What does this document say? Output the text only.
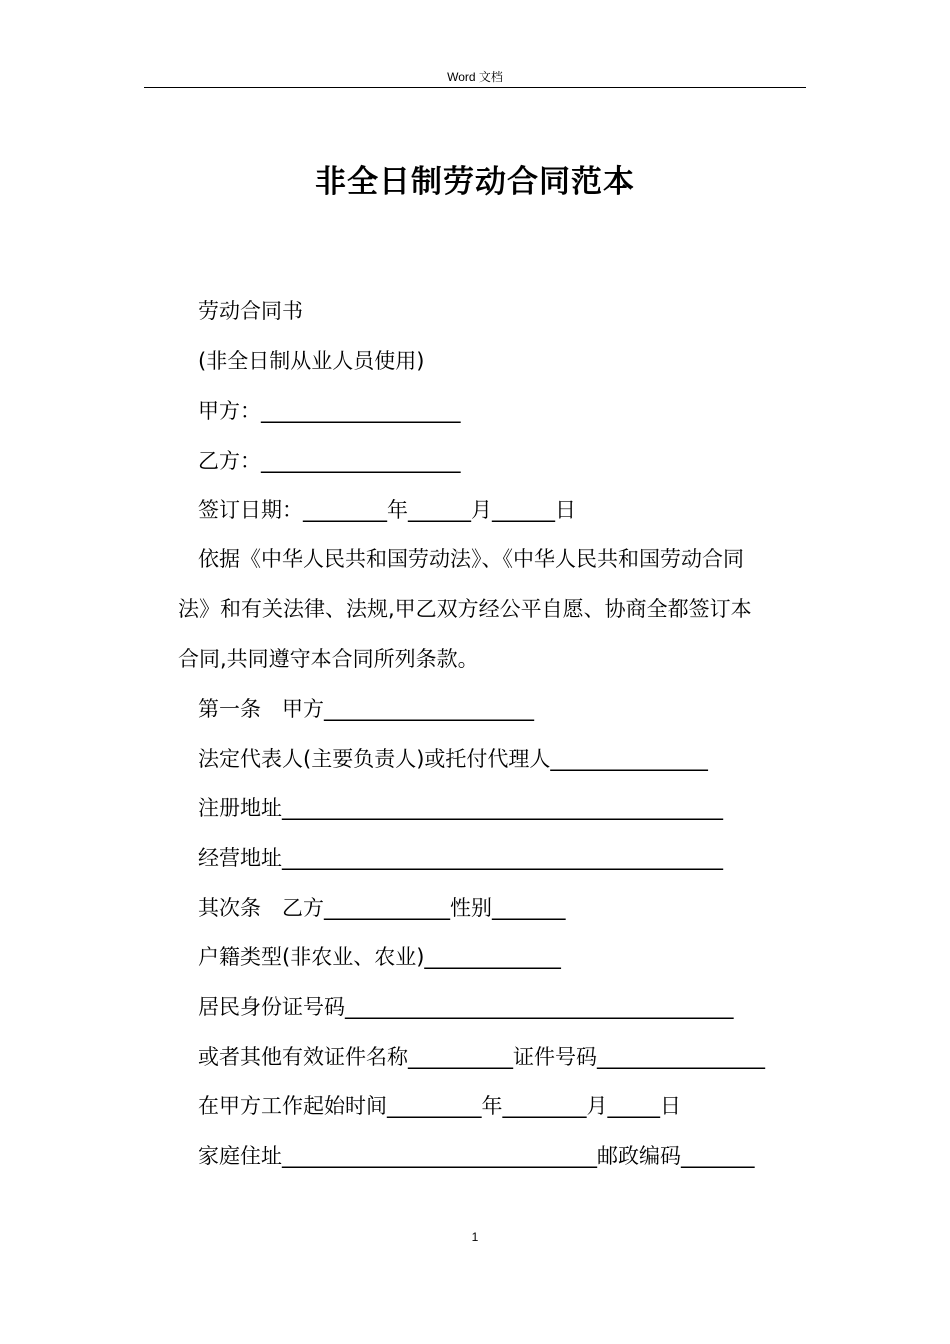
Word 文档
非全日制劳动合同范本
劳动合同书
(非全日制从业人员使用)
甲方：___________________
乙方：___________________
签订日期：________年______月______日
依据《中华人民共和国劳动法》、《中华人民共和国劳动合同
法》和有关法律、法规,甲乙双方经公平自愿、协商全都签订本
合同,共同遵守本合同所列条款。
第一条　甲方____________________
法定代表人(主要负责人)或托付代理人_______________
注册地址__________________________________________
经营地址__________________________________________
其次条　乙方____________性别_______
户籍类型(非农业、农业)_____________
居民身份证号码_____________________________________
或者其他有效证件名称__________证件号码________________
在甲方工作起始时间_________年________月_____日
家庭住址______________________________邮政编码_______
1
